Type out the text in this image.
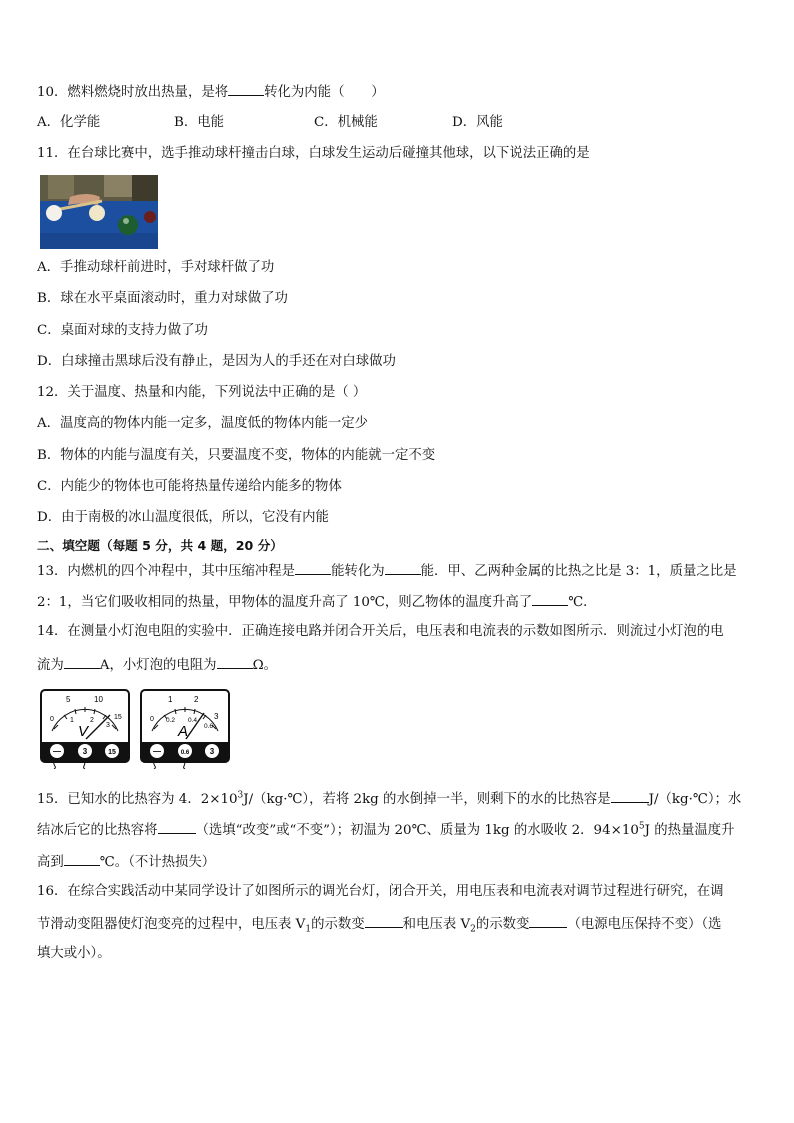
10．燃料燃烧时放出热量，是将	转化为内能（　　）
A．化学能	B．电能	C．机械能	D．风能
11．在台球比赛中，选手推动球杆撞击白球，白球发生运动后碰撞其他球，以下说法正确的是
A．手推动球杆前进时，手对球杆做了功
B．球在水平桌面滚动时，重力对球做了功
C．桌面对球的支持力做了功
D．白球撞击黑球后没有静止，是因为人的手还在对白球做功
12．关于温度、热量和内能，下列说法中正确的是（ ）
A．温度高的物体内能一定多，温度低的物体内能一定少
B．物体的内能与温度有关，只要温度不变，物体的内能就一定不变
C．内能少的物体也可能将热量传递给内能多的物体
D．由于南极的冰山温度很低，所以，它没有内能
二、填空题（每题 5 分，共 4 题，20 分）
13．内燃机的四个冲程中，其中压缩冲程是	能转化为	能．甲、乙两种金属的比热之比是 3：1，质量之比是
2：1，当它们吸收相同的热量，甲物体的温度升高了 10℃，则乙物体的温度升高了	℃．
14．在测量小灯泡电阻的实验中．正确连接电路并闭合开关后，电压表和电流表的示数如图所示．则流过小灯泡的电
流为	A，小灯泡的电阻为	Ω。
5	10
15
0 1 2
3
V
—	3	15
1	2
3
0 0.2 0.4
0.6
A
—	0.6	3
15．已知水的比热容为 4．$2\times 10^3J/(kg\cdot℃)$，若将 2kg 的水倒掉一半，则剩下的水的比热容是	J/（kg·℃）；水
结冰后它的比热容将	（选填“改变”或“不变”）；初温为 20℃、质量为 1kg 的水吸收 2．$94\times 10^5J$ 的热量温度升
高到	℃。（不计热损失）
16．在综合实践活动中某同学设计了如图所示的调光台灯，闭合开关，用电压表和电流表对调节过程进行研究，在调
节滑动变阻器使灯泡变亮的过程中，电压表 $V_1$的示数变	和电压表 $V_2$的示数变	（电源电压保持不变）（选
填大或小）。
